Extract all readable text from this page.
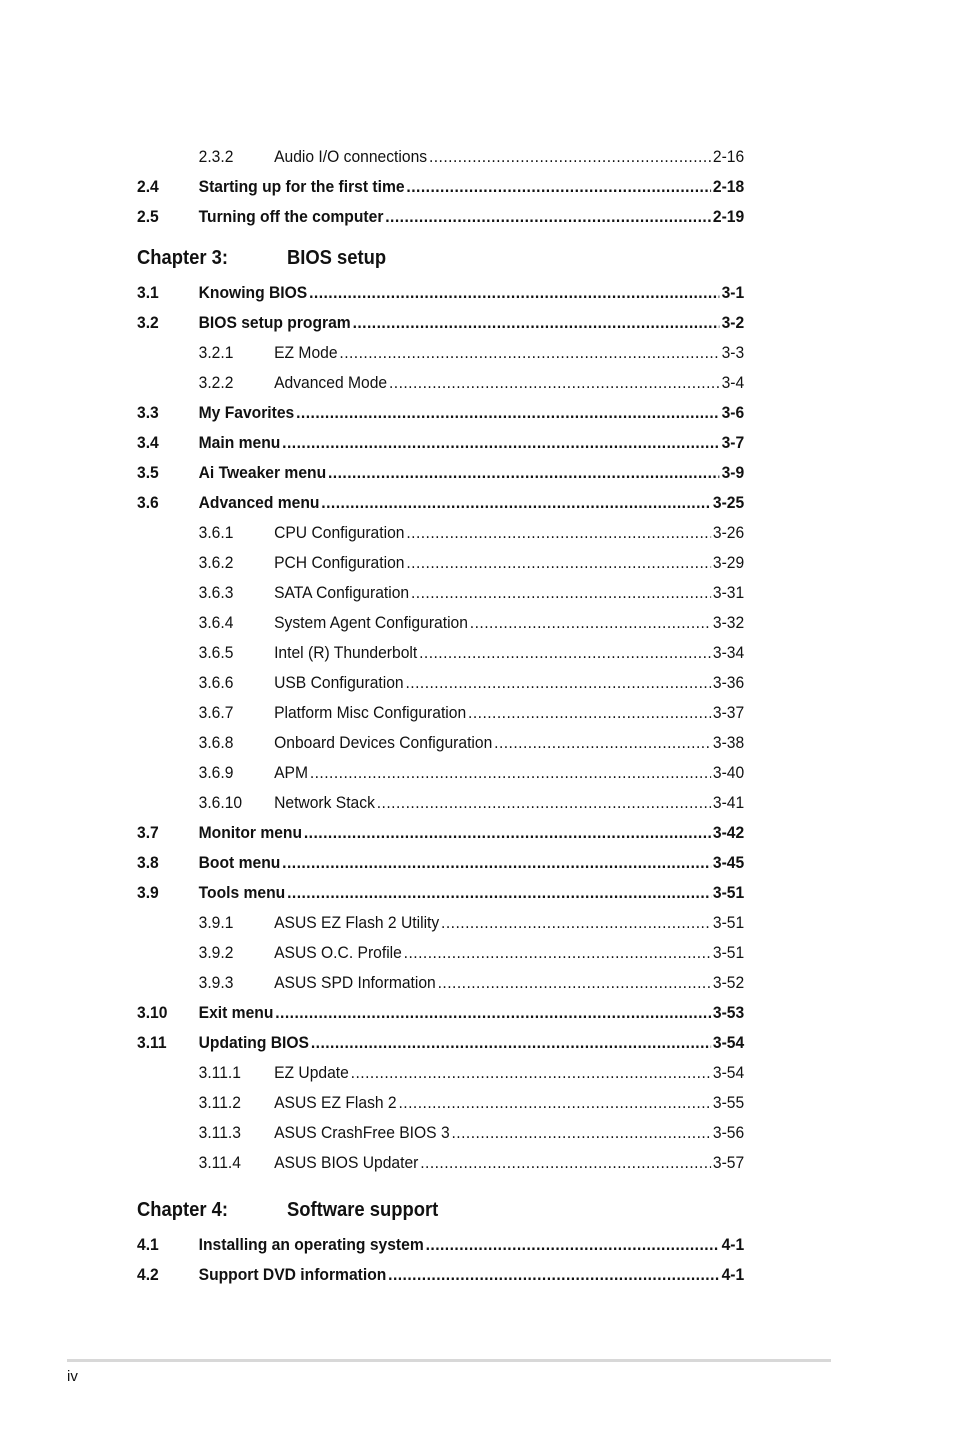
2.3.2 Audio I/O connections .....	2-16
2.4 Starting up for the first time .....	2-18
2.5 Turning off the computer .....	2-19
Chapter 3:	BIOS setup
3.1 Knowing BIOS .....	3-1
3.2 BIOS setup program .....	3-2
3.2.1 EZ Mode .....	3-3
3.2.2 Advanced Mode .....	3-4
3.3 My Favorites .....	3-6
3.4 Main menu .....	3-7
3.5 Ai Tweaker menu .....	3-9
3.6 Advanced menu .....	3-25
3.6.1 CPU Configuration .....	3-26
3.6.2 PCH Configuration .....	3-29
3.6.3 SATA Configuration .....	3-31
3.6.4 System Agent Configuration .....	3-32
3.6.5 Intel (R) Thunderbolt .....	3-34
3.6.6 USB Configuration .....	3-36
3.6.7 Platform Misc Configuration .....	3-37
3.6.8 Onboard Devices Configuration .....	3-38
3.6.9 APM .....	3-40
3.6.10 Network Stack .....	3-41
3.7 Monitor menu .....	3-42
3.8 Boot menu .....	3-45
3.9 Tools menu .....	3-51
3.9.1 ASUS EZ Flash 2 Utility .....	3-51
3.9.2 ASUS O.C. Profile .....	3-51
3.9.3 ASUS SPD Information .....	3-52
3.10 Exit menu .....	3-53
3.11 Updating BIOS .....	3-54
3.11.1 EZ Update .....	3-54
3.11.2 ASUS EZ Flash 2 .....	3-55
3.11.3 ASUS CrashFree BIOS 3 .....	3-56
3.11.4 ASUS BIOS Updater .....	3-57
Chapter 4:	Software support
4.1 Installing an operating system .....	4-1
4.2 Support DVD information .....	4-1
iv
